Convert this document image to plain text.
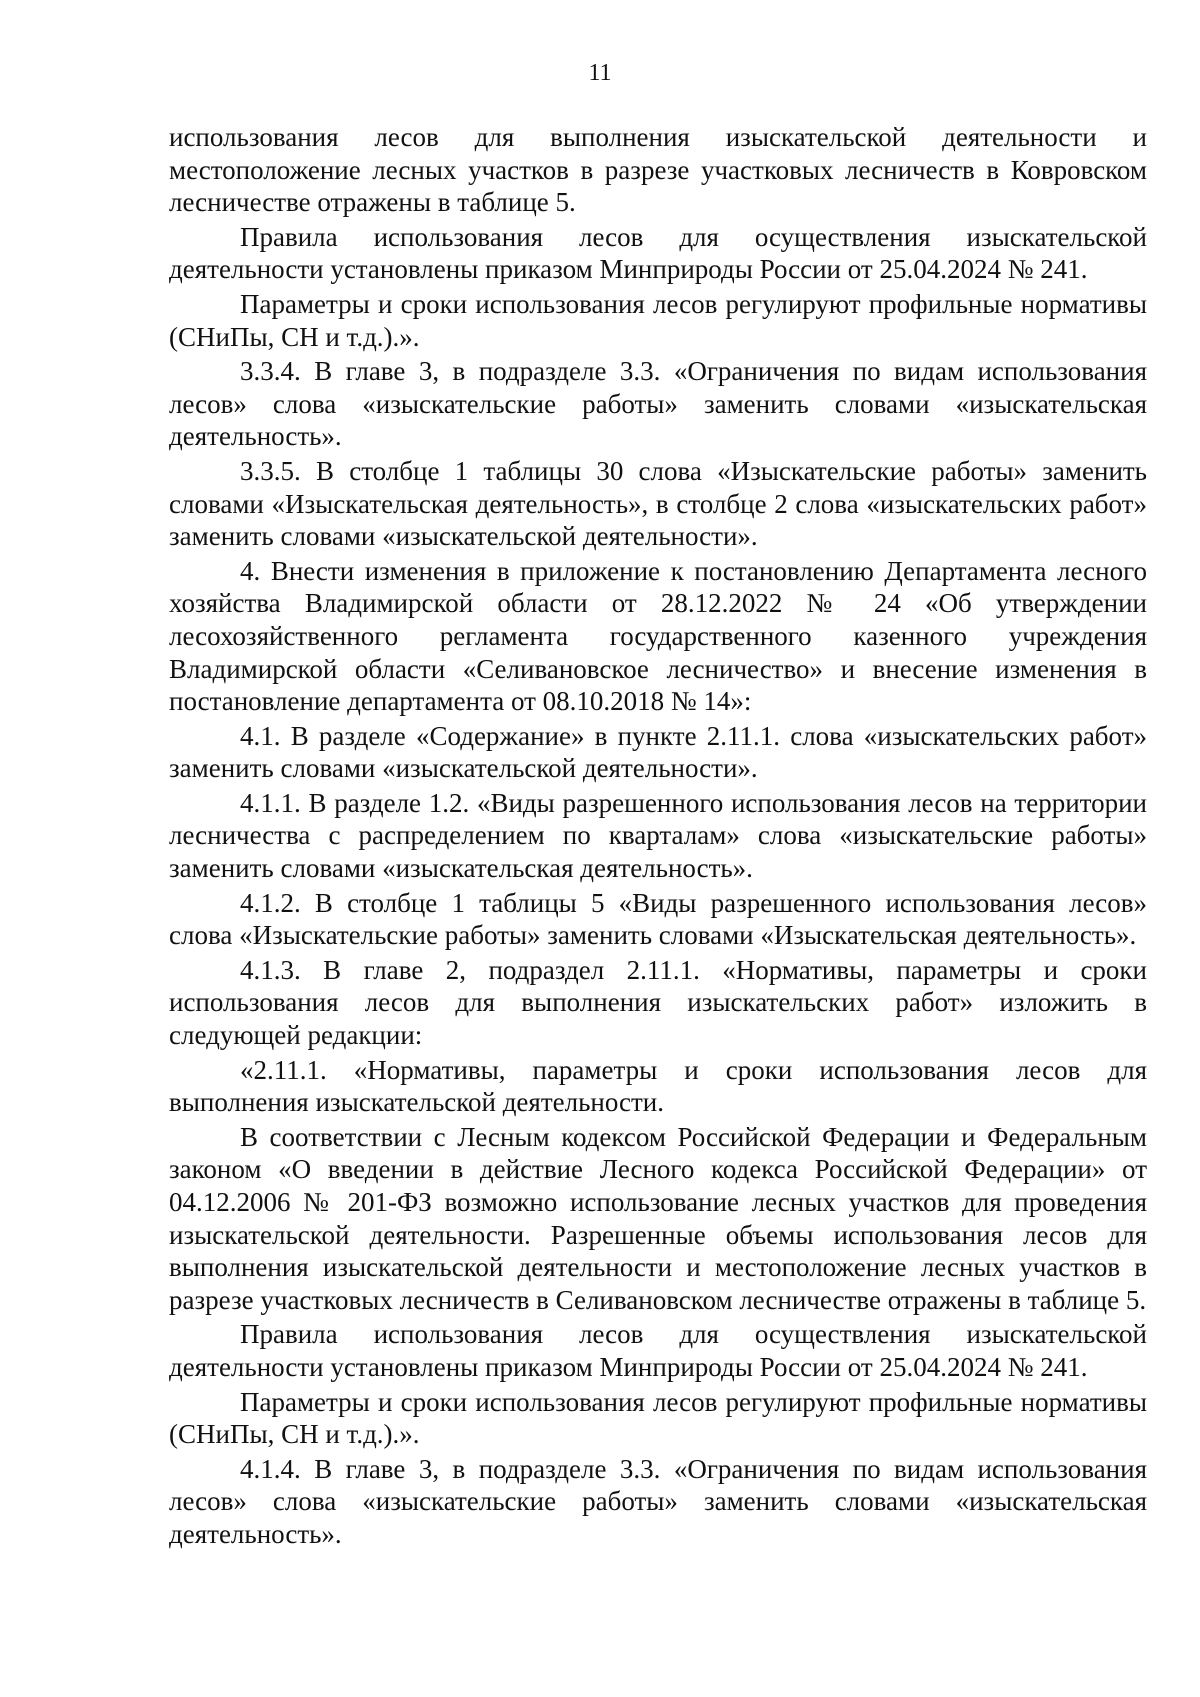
11

использования лесов для выполнения изыскательской деятельности и местоположение лесных участков в разрезе участковых лесничеств в Ковровском лесничестве отражены в таблице 5.

Правила использования лесов для осуществления изыскательской деятельности установлены приказом Минприроды России от 25.04.2024 № 241.

Параметры и сроки использования лесов регулируют профильные нормативы (СНиПы, СН и т.д.).».

3.3.4. В главе 3, в подразделе 3.3. «Ограничения по видам использования лесов» слова «изыскательские работы» заменить словами «изыскательская деятельность».

3.3.5. В столбце 1 таблицы 30 слова «Изыскательские работы» заменить словами «Изыскательская деятельность», в столбце 2 слова «изыскательских работ» заменить словами «изыскательской деятельности».

4. Внести изменения в приложение к постановлению Департамента лесного хозяйства Владимирской области от 28.12.2022 № 24 «Об утверждении лесохозяйственного регламента государственного казенного учреждения Владимирской области «Селивановское лесничество» и внесение изменения в постановление департамента от 08.10.2018 № 14»:

4.1. В разделе «Содержание» в пункте 2.11.1. слова «изыскательских работ» заменить словами «изыскательской деятельности».

4.1.1. В разделе 1.2. «Виды разрешенного использования лесов на территории лесничества с распределением по кварталам» слова «изыскательские работы» заменить словами «изыскательская деятельность».

4.1.2. В столбце 1 таблицы 5 «Виды разрешенного использования лесов» слова «Изыскательские работы» заменить словами «Изыскательская деятельность».

4.1.3. В главе 2, подраздел 2.11.1. «Нормативы, параметры и сроки использования лесов для выполнения изыскательских работ» изложить в следующей редакции:

«2.11.1. «Нормативы, параметры и сроки использования лесов для выполнения изыскательской деятельности.

В соответствии с Лесным кодексом Российской Федерации и Федеральным законом «О введении в действие Лесного кодекса Российской Федерации» от 04.12.2006 № 201-ФЗ возможно использование лесных участков для проведения изыскательской деятельности. Разрешенные объемы использования лесов для выполнения изыскательской деятельности и местоположение лесных участков в разрезе участковых лесничеств в Селивановском лесничестве отражены в таблице 5.

Правила использования лесов для осуществления изыскательской деятельности установлены приказом Минприроды России от 25.04.2024 № 241.

Параметры и сроки использования лесов регулируют профильные нормативы (СНиПы, СН и т.д.).».

4.1.4. В главе 3, в подразделе 3.3. «Ограничения по видам использования лесов» слова «изыскательские работы» заменить словами «изыскательская деятельность».
